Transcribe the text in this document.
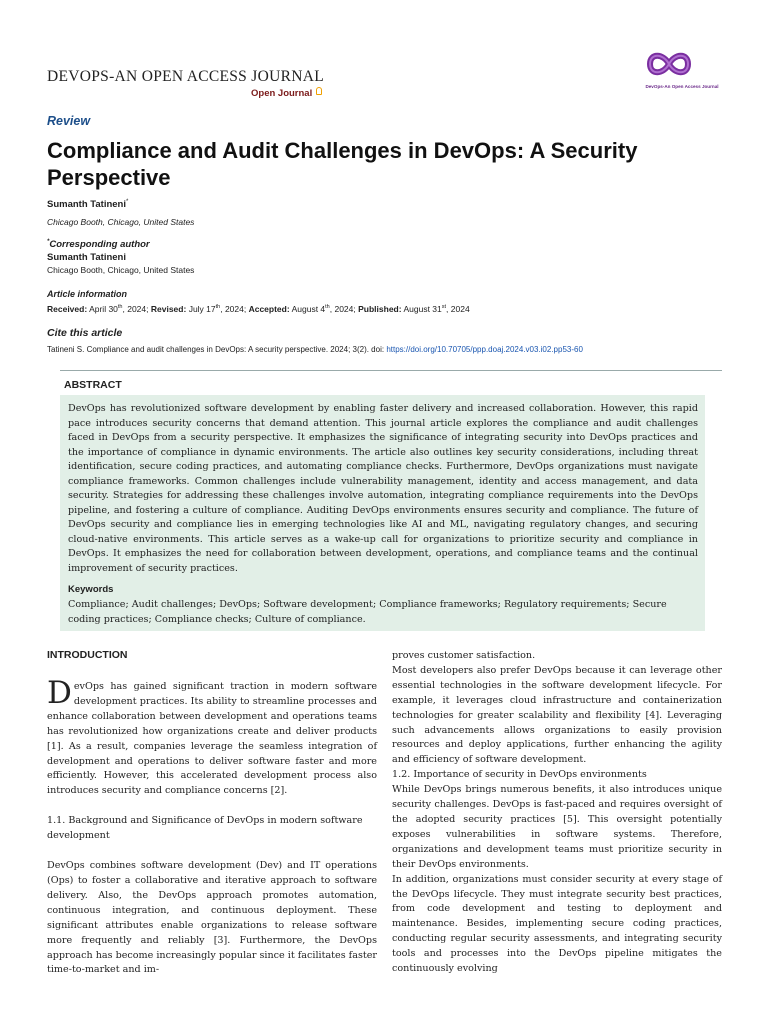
DEVOPS-AN OPEN ACCESS JOURNAL
Open Journal
DevOps-An Open Access Journal
Review
Compliance and Audit Challenges in DevOps: A Security Perspective
Sumanth Tatineni*
Chicago Booth, Chicago, United States
*Corresponding author
Sumanth Tatineni
Chicago Booth, Chicago, United States
Article information
Received: April 30th, 2024; Revised: July 17th, 2024; Accepted: August 4th, 2024; Published: August 31st, 2024
Cite this article
Tatineni S. Compliance and audit challenges in DevOps: A security perspective. 2024; 3(2). doi: https://doi.org/10.70705/ppp.doaj.2024.v03.i02.pp53-60
ABSTRACT
DevOps has revolutionized software development by enabling faster delivery and increased collaboration. However, this rapid pace introduces security concerns that demand attention. This journal article explores the compliance and audit challenges faced in DevOps from a security perspective. It emphasizes the significance of integrating security into DevOps practices and the importance of compliance in dynamic environments. The article also outlines key security considerations, including threat identification, secure coding practices, and automating compliance checks. Furthermore, DevOps organizations must navigate compliance frameworks. Common challenges include vulnerability management, identity and access management, and data security. Strategies for addressing these challenges involve automation, integrating compliance requirements into the DevOps pipeline, and fostering a culture of compliance. Auditing DevOps environments ensures security and compliance. The future of DevOps security and compliance lies in emerging technologies like AI and ML, navigating regulatory changes, and securing cloud-native environments. This article serves as a wake-up call for organizations to prioritize security and compliance in DevOps. It emphasizes the need for collaboration between development, operations, and compliance teams and the continual improvement of security practices.
Keywords
Compliance; Audit challenges; DevOps; Software development; Compliance frameworks; Regulatory requirements; Secure coding practices; Compliance checks; Culture of compliance.
INTRODUCTION

DevOps has gained significant traction in modern software development practices. Its ability to streamline processes and enhance collaboration between development and operations teams has revolutionized how organizations create and deliver products [1]. As a result, companies leverage the seamless integration of development and operations to deliver software faster and more efficiently. However, this accelerated development process also introduces security and compliance concerns [2].

1.1. Background and Significance of DevOps in modern software development

DevOps combines software development (Dev) and IT operations (Ops) to foster a collaborative and iterative approach to software delivery. Also, the DevOps approach promotes automation, continuous integration, and continuous deployment. These significant attributes enable organizations to release software more frequently and reliably [3]. Furthermore, the DevOps approach has become increasingly popular since it facilitates faster time-to-market and im-

proves customer satisfaction.

Most developers also prefer DevOps because it can leverage other essential technologies in the software development lifecycle. For example, it leverages cloud infrastructure and containerization technologies for greater scalability and flexibility [4]. Leveraging such advancements allows organizations to easily provision resources and deploy applications, further enhancing the agility and efficiency of software development.

1.2. Importance of security in DevOps environments

While DevOps brings numerous benefits, it also introduces unique security challenges. DevOps is fast-paced and requires oversight of the adopted security practices [5]. This oversight potentially exposes vulnerabilities in software systems. Therefore, organizations and development teams must prioritize security in their DevOps environments.

In addition, organizations must consider security at every stage of the DevOps lifecycle. They must integrate security best practices, from code development and testing to deployment and maintenance. Besides, implementing secure coding practices, conducting regular security assessments, and integrating security tools and processes into the DevOps pipeline mitigates the continuously evolving
